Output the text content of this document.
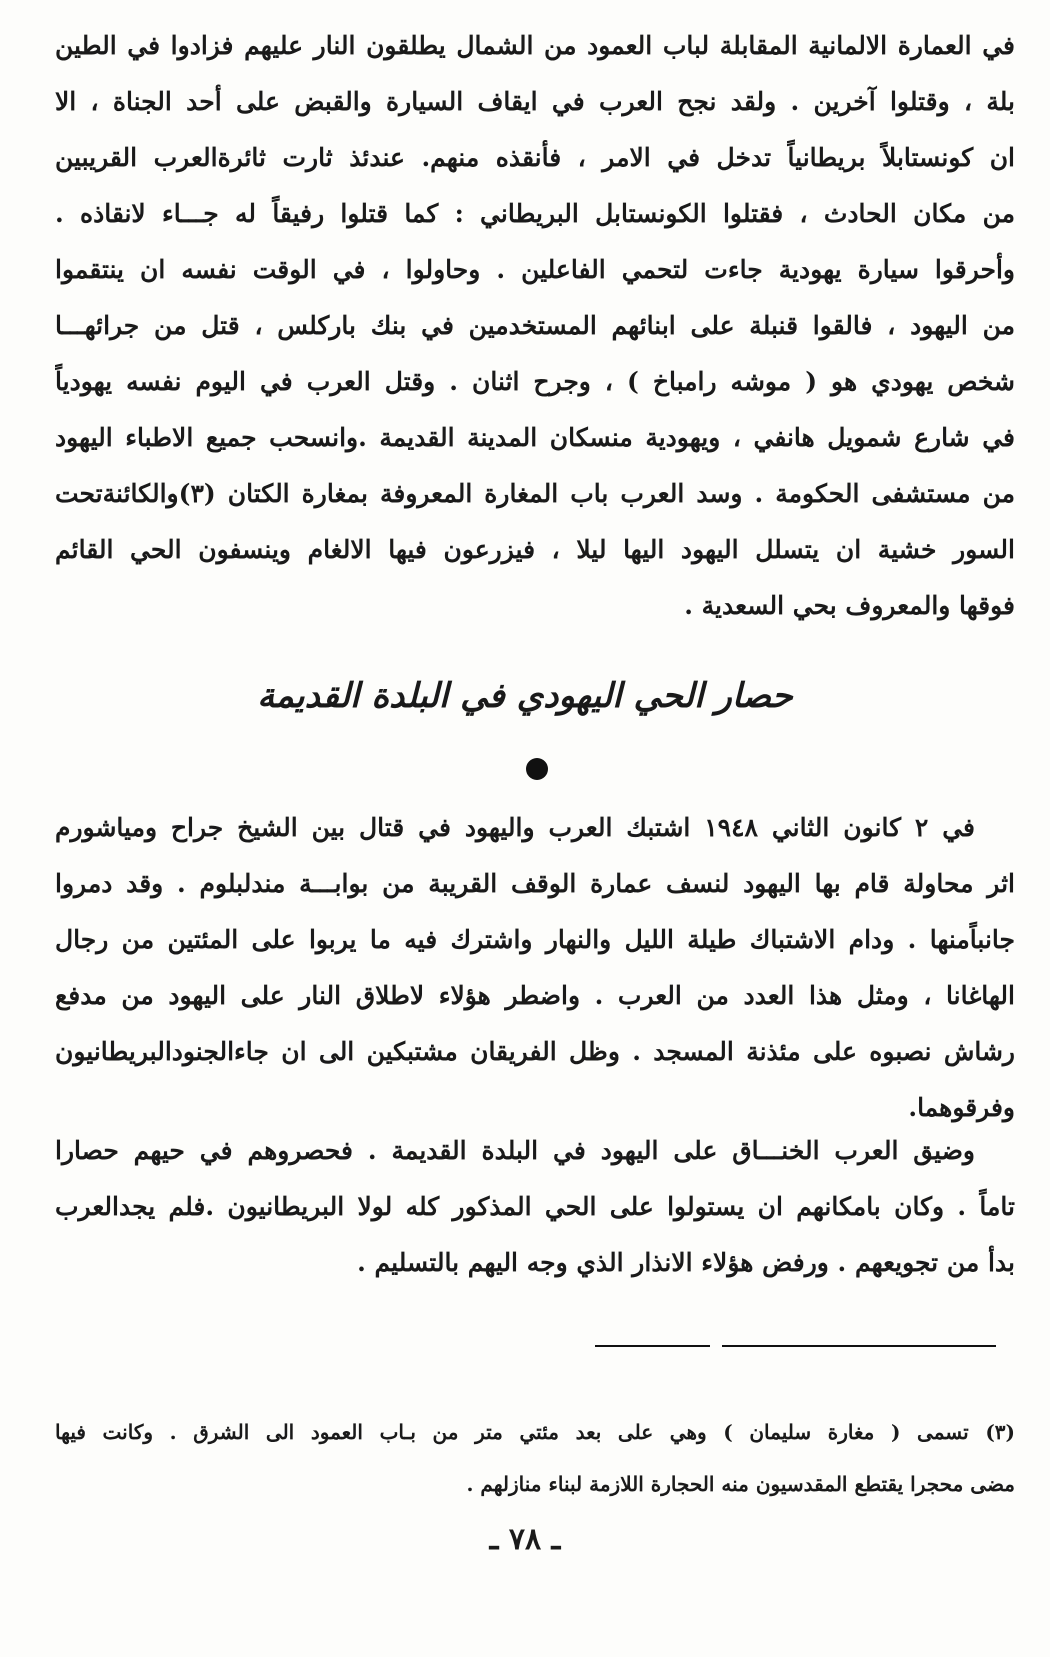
في العمارة الالمانية المقابلة لباب العمود من الشمال يطلقون النار عليهم فزادوا في الطين
بلة ، وقتلوا آخرين . ولقد نجح العرب في ايقاف السيارة والقبض على أحد الجناة ، الا
ان كونستابلاً بريطانياً تدخل في الامر ، فأنقذه منهم. عندئذ ثارت ثائرةالعرب القريبين
من مكان الحادث ، فقتلوا الكونستابل البريطاني : كما قتلوا رفيقاً له جـــاء لانقاذه .
وأحرقوا سيارة يهودية جاءت لتحمي الفاعلين . وحاولوا ، في الوقت نفسه ان ينتقموا
من اليهود ، فالقوا قنبلة على ابنائهم المستخدمين في بنك باركلس ، قتل من جرائهـــا
شخص يهودي هو ( موشه رامباخ ) ، وجرح اثنان . وقتل العرب في اليوم نفسه يهودياً
في شارع شمويل هانفي ، ويهودية منسكان المدينة القديمة .وانسحب جميع الاطباء اليهود
من مستشفى الحكومة . وسد العرب باب المغارة المعروفة بمغارة الكتان (٣)والكائنةتحت
السور خشية ان يتسلل اليهود اليها ليلا ، فيزرعون فيها الالغام وينسفون الحي القائم
فوقها والمعروف بحي السعدية .
حصار الحي اليهودي في البلدة القديمة
في ٢ كانون الثاني ١٩٤٨ اشتبك العرب واليهود في قتال بين الشيخ جراح ومياشورم
اثر محاولة قام بها اليهود لنسف عمارة الوقف القريبة من بوابـــة مندلبلوم . وقد دمروا
جانباًمنها . ودام الاشتباك طيلة الليل والنهار واشترك فيه ما يربوا على المئتين من رجال
الهاغانا ، ومثل هذا العدد من العرب . واضطر هؤلاء لاطلاق النار على اليهود من مدفع
رشاش نصبوه على مئذنة المسجد . وظل الفريقان مشتبكين الى ان جاءالجنودالبريطانيون
وفرقوهما.
وضيق العرب الخنـــاق على اليهود في البلدة القديمة . فحصروهم في حيهم حصارا
تاماً . وكان بامكانهم ان يستولوا على الحي المذكور كله لولا البريطانيون .فلم يجدالعرب
بدأ من تجويعهم . ورفض هؤلاء الانذار الذي وجه اليهم بالتسليم .
(٣) تسمى ( مغارة سليمان ) وهي على بعد مئتي متر من بـاب العمود الى الشرق . وكانت فيها
مضى محجرا يقتطع المقدسيون منه الحجارة اللازمة لبناء منازلهم .
ـ ٧٨ ـ
